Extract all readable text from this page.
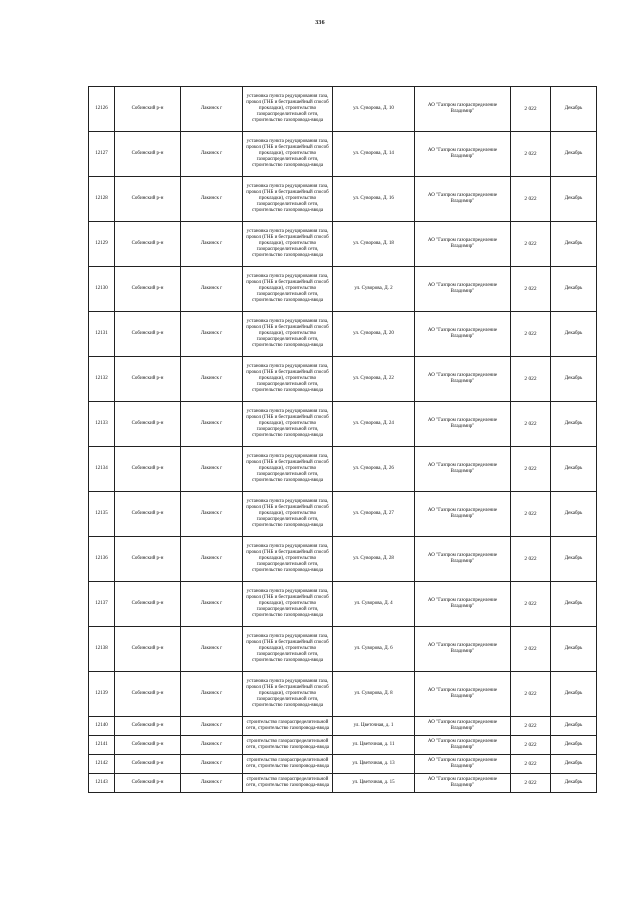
336
12126	Собинский р-н	Лакинск г	установка пункта редуцирования газа, прокол (ГНБ и бестраншейный способ прокладки), строительство газораспределительной сети, строительство газопровода-ввода	ул. Суворова, Д. 10	АО "Газпром газораспределение Владимир"	2 022	Декабрь
12127	Собинский р-н	Лакинск г	установка пункта редуцирования газа, прокол (ГНБ и бестраншейный способ прокладки), строительство газораспределительной сети, строительство газопровода-ввода	ул. Суворова, Д. 14	АО "Газпром газораспределение Владимир"	2 022	Декабрь
12128	Собинский р-н	Лакинск г	установка пункта редуцирования газа, прокол (ГНБ и бестраншейный способ прокладки), строительство газораспределительной сети, строительство газопровода-ввода	ул. Суворова, Д. 16	АО "Газпром газораспределение Владимир"	2 022	Декабрь
12129	Собинский р-н	Лакинск г	установка пункта редуцирования газа, прокол (ГНБ и бестраншейный способ прокладки), строительство газораспределительной сети, строительство газопровода-ввода	ул. Суворова, Д. 18	АО "Газпром газораспределение Владимир"	2 022	Декабрь
12130	Собинский р-н	Лакинск г	установка пункта редуцирования газа, прокол (ГНБ и бестраншейный способ прокладки), строительство газораспределительной сети, строительство газопровода-ввода	ул. Суворова, Д. 2	АО "Газпром газораспределение Владимир"	2 022	Декабрь
12131	Собинский р-н	Лакинск г	установка пункта редуцирования газа, прокол (ГНБ и бестраншейный способ прокладки), строительство газораспределительной сети, строительство газопровода-ввода	ул. Суворова, Д. 20	АО "Газпром газораспределение Владимир"	2 022	Декабрь
12132	Собинский р-н	Лакинск г	установка пункта редуцирования газа, прокол (ГНБ и бестраншейный способ прокладки), строительство газораспределительной сети, строительство газопровода-ввода	ул. Суворова, Д. 22	АО "Газпром газораспределение Владимир"	2 022	Декабрь
12133	Собинский р-н	Лакинск г	установка пункта редуцирования газа, прокол (ГНБ и бестраншейный способ прокладки), строительство газораспределительной сети, строительство газопровода-ввода	ул. Суворова, Д. 24	АО "Газпром газораспределение Владимир"	2 022	Декабрь
12134	Собинский р-н	Лакинск г	установка пункта редуцирования газа, прокол (ГНБ и бестраншейный способ прокладки), строительство газораспределительной сети, строительство газопровода-ввода	ул. Суворова, Д. 26	АО "Газпром газораспределение Владимир"	2 022	Декабрь
12135	Собинский р-н	Лакинск г	установка пункта редуцирования газа, прокол (ГНБ и бестраншейный способ прокладки), строительство газораспределительной сети, строительство газопровода-ввода	ул. Суворова, Д. 27	АО "Газпром газораспределение Владимир"	2 022	Декабрь
12136	Собинский р-н	Лакинск г	установка пункта редуцирования газа, прокол (ГНБ и бестраншейный способ прокладки), строительство газораспределительной сети, строительство газопровода-ввода	ул. Суворова, Д. 28	АО "Газпром газораспределение Владимир"	2 022	Декабрь
12137	Собинский р-н	Лакинск г	установка пункта редуцирования газа, прокол (ГНБ и бестраншейный способ прокладки), строительство газораспределительной сети, строительство газопровода-ввода	ул. Суворова, Д. 4	АО "Газпром газораспределение Владимир"	2 022	Декабрь
12138	Собинский р-н	Лакинск г	установка пункта редуцирования газа, прокол (ГНБ и бестраншейный способ прокладки), строительство газораспределительной сети, строительство газопровода-ввода	ул. Суворова, Д. 6	АО "Газпром газораспределение Владимир"	2 022	Декабрь
12139	Собинский р-н	Лакинск г	установка пункта редуцирования газа, прокол (ГНБ и бестраншейный способ прокладки), строительство газораспределительной сети, строительство газопровода-ввода	ул. Суворова, Д. 8	АО "Газпром газораспределение Владимир"	2 022	Декабрь
12140	Собинский р-н	Лакинск г	строительство газораспределительной сети, строительство газопровода-ввода	ул. Цветочная, д. 1	АО "Газпром газораспределение Владимир"	2 022	Декабрь
12141	Собинский р-н	Лакинск г	строительство газораспределительной сети, строительство газопровода-ввода	ул. Цветочная, д. 11	АО "Газпром газораспределение Владимир"	2 022	Декабрь
12142	Собинский р-н	Лакинск г	строительство газораспределительной сети, строительство газопровода-ввода	ул. Цветочная, д. 13	АО "Газпром газораспределение Владимир"	2 022	Декабрь
12143	Собинский р-н	Лакинск г	строительство газораспределительной сети, строительство газопровода-ввода	ул. Цветочная, д. 15	АО "Газпром газораспределение Владимир"	2 022	Декабрь
